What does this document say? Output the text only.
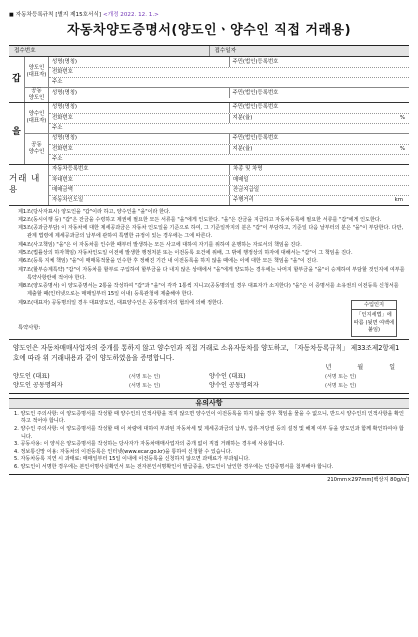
■ 자동차등록규칙 [별지 제15호서식] <개정 2022. 12. 1.>
자동차양도증명서(양도인ㆍ양수인 직접 거래용)
접수번호	접수일자
갑
양도인
(대표자)
성명(명칭)	주민(법인)등록번호
전화번호
주소
공동
양도인
성명(명칭)	주민(법인)등록번호
을
양수인
(대표자)
성명(명칭)	주민(법인)등록번호
전화번호	지분(율)	%
주소
공동
양수인
성명(명칭)	주민(법인)등록번호
전화번호	지분(율)	%
주소
거래 내용
자동차등록번호	차종 및 차명
차대번호	매매일
매매금액	잔금지급일
자동차인도일	주행거리	km

제1조(당사자표시) 양도인을 "갑"이라 하고, 양수인을 "을"이라 한다.

제2조(동시이행 등) "갑"은 잔금을 수령하고 제권에 필요한 모든 서류를 "을"에게 인도한다. "을"은 잔금을 지급하고 자동차등록에 필요한 서류를 "갑"에게 인도한다.

제3조(공과금부담) 이 자동차에 대한 제세공과금은 자동차 인도일을 기준으로 하여, 그 기준일까지의 분은 "갑"이 부담하고, 기준일 다음 날부터의 분은 "을"이 부담한다. 다만, 관계 법령에 제세공과금의 납부에 관하여 특별한 규정이 있는 경우에는 그에 따른다.

제4조(사고책임) "을"은 이 자동차를 인수한 때부터 발생하는 모든 사고에 대하여 자기를 위하여 운행하는 자로서의 책임을 진다.

제5조(법률상의 하자책임) 자동차인도일 이전에 발생한 행정처분 또는 이전등록 요건에 위배, 그 밖에 행정상의 하자에 대해서는 "갑"이 그 책임을 진다.

제6조(등록 지체 책임) "을"이 매매목적물을 인수한 후 정해진 기간 내 이전등록을 하지 않을 때에는 이에 대한 모든 책임을 "을"이 진다.

제7조(할부승계특약) "갑"이 자동차를 할부로 구입하여 할부금을 다 내지 않은 상태에서 "을"에게 양도하는 경우에는 나머지 할부금을 "을"이 승계하여 부담할 것인지에 여부를 특약사항란에 적어야 한다.

제8조(양도증명서) 이 양도증명서는 2통을 작성하여 "갑"과 "을"이 각각 1통씩 지니고(공동명의일 경우 대표자가 소지한다) "을"은 이 증명서를 소유권의 이전등록 신청서를 제출할 때(인터넷으로는 매매일부터 15일 이내) 등록관청에 제출해야 한다.

제9조(대표자) 공동명의일 경우 대표양도인, 대표양수인은 공동명의자의 협의에 의해 정한다.	수입인지
「인지세법」에 따름 (뒷면 여백에 붙임)
특약사항:

양도인은 자동차매매사업자의 중개를 통하지 않고 양수인과 직접 거래로 소유자동차를 양도하고, 「자동차등록규칙」 제33조제2항제1호에 따라 위 거래내용과 같이 양도하였음을 증명합니다.

년	월	일
양도인 (대표)	(서명 또는 인)	양수인 (대표)	(서명 또는 인)
양도인 공동명의자	(서명 또는 인)	양수인 공동명의자	(서명 또는 인)
유의사항

1. 양도인 주의사항: 이 양도증명서를 작성할 때 양수인의 인적사항을 적지 않으면 양수인이 이전등록을 하지 않을 경우 책임을 물을 수 없으니, 반드시 양수인의 인적사항을 확인하고 적어야 합니다.

2. 양수인 주의사항: 이 양도증명서를 작성할 때 이 차량에 대하여 부과된 자동차세 및 제세공과금의 납부, 압류·저당권 등의 설정 및 해제 여부 등을 양도인과 함께 확인하여야 합니다.

3. 공동사용: 이 양식은 양도증명서를 작성하는 당사자가 자동차매매사업자의 중개 없이 직접 거래하는 경우에 사용합니다.

4. 정보통신망 이용: 자동차의 이전등록은 인터넷(www.ecar.go.kr)을 통하여 신청할 수 있습니다.

5. 자동차등록 지연 시 과태료: 매매일부터 15일 이내에 이전등록을 신청하지 않으면 과태료가 부과됩니다.

6. 양도인이 서명한 경우에는 본인서명사실확인서 또는 전자본인서명확인서 발급증을, 양도인이 날인한 경우에는 인감증명서를 첨부해야 합니다.

210mm×297mm[백상지 80g/㎡]
